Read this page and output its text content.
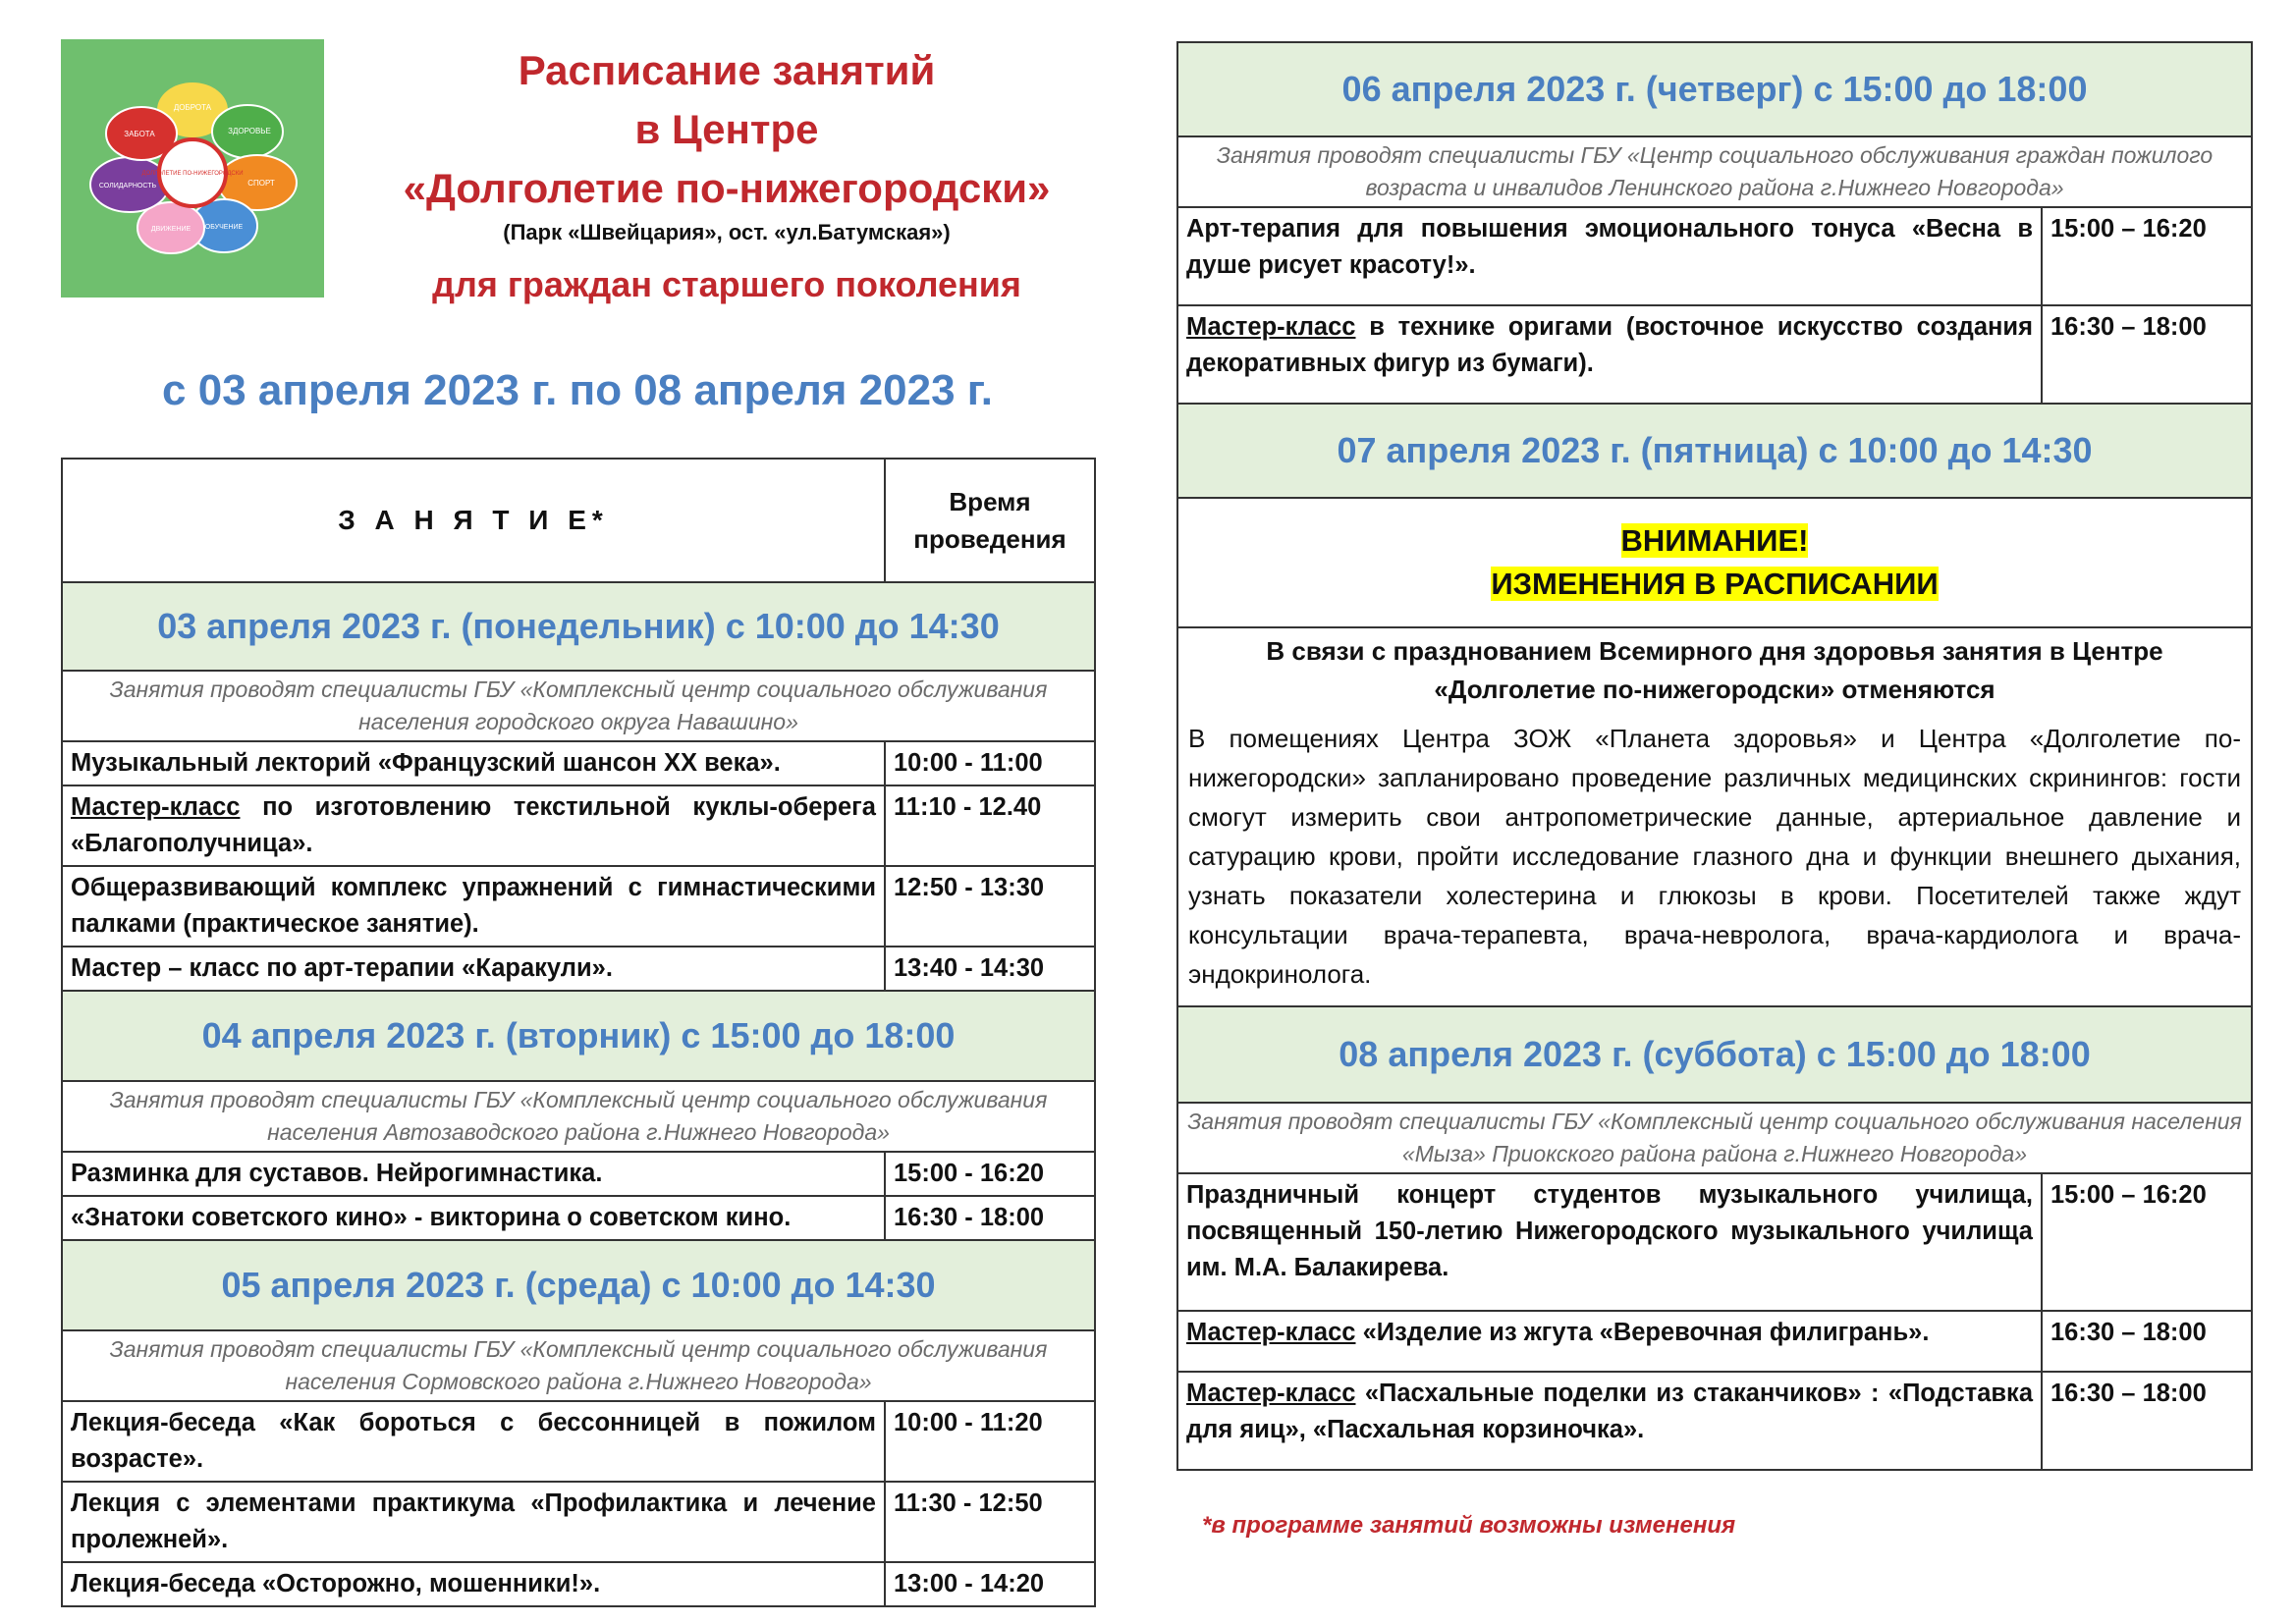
ДОБРОТА
ЗДОРОВЬЕ
СПОРТ
ОБУЧЕНИЕ
ДВИЖЕНИЕ
СОЛИДАРНОСТЬ
ЗАБОТА
ДОЛГОЛЕТИЕ ПО-НИЖЕГОРОДСКИ
Расписание занятий
в Центре
«Долголетие по-нижегородски»
(Парк «Швейцария», ост. «ул.Батумская»)
для граждан старшего поколения
с 03 апреля 2023 г. по 08 апреля 2023 г.
З А Н Я Т И Е*	Время проведения
03 апреля 2023 г. (понедельник) с 10:00 до 14:30	
Занятия проводят специалисты ГБУ «Комплексный центр социального обслуживания населения городского округа Навашино»	
Музыкальный лекторий «Французский шансон XX века».	10:00 - 11:00
Мастер-класс по изготовлению текстильной куклы-оберега «Благополучница».	11:10 - 12.40
Общеразвивающий комплекс упражнений с гимнастическими палками (практическое занятие).	12:50 - 13:30
Мастер – класс по арт-терапии «Каракули».	13:40 - 14:30
04 апреля 2023 г. (вторник) с 15:00 до 18:00	
Занятия проводят специалисты ГБУ «Комплексный центр социального обслуживания населения Автозаводского района г.Нижнего Новгорода»	
Разминка для суставов. Нейрогимнастика.	15:00 - 16:20
«Знатоки советского кино» - викторина о советском кино.	16:30 - 18:00
05 апреля 2023 г. (среда) с 10:00 до 14:30	
Занятия проводят специалисты ГБУ «Комплексный центр социального обслуживания населения Сормовского района г.Нижнего Новгорода»	
Лекция-беседа «Как бороться с бессонницей в пожилом возрасте».	10:00 - 11:20
Лекция с элементами практикума «Профилактика и лечение пролежней».	11:30 - 12:50
Лекция-беседа «Осторожно, мошенники!».	13:00 - 14:20
06 апреля 2023 г. (четверг) с 15:00 до 18:00	
Занятия проводят специалисты ГБУ «Центр социального обслуживания граждан пожилого возраста и инвалидов Ленинского района г.Нижнего Новгорода»	
Арт-терапия для повышения эмоционального тонуса «Весна в душе рисует красоту!».	15:00 – 16:20
Мастер-класс в технике оригами (восточное искусство создания декоративных фигур из бумаги).	16:30 – 18:00
07 апреля 2023 г. (пятница) с 10:00 до 14:30	
ВНИМАНИЕ!
ИЗМЕНЕНИЯ В РАСПИСАНИИ	
В связи с празднованием Всемирного дня здоровья занятия в Центре «Долголетие по-нижегородски» отменяются	
В помещениях Центра ЗОЖ «Планета здоровья» и Центра «Долголетие по-нижегородски» запланировано проведение различных медицинских скринингов: гости смогут измерить свои антропометрические данные, артериальное давление и сатурацию крови, пройти исследование глазного дна и функции внешнего дыхания, узнать показатели холестерина и глюкозы в крови. Посетителей также ждут консультации врача-терапевта, врача-невролога, врача-кардиолога и врача-эндокринолога.	
08 апреля 2023 г. (суббота) с 15:00 до 18:00	
Занятия проводят специалисты ГБУ «Комплексный центр социального обслуживания населения «Мыза» Приокского района района г.Нижнего Новгорода»	
Праздничный концерт студентов музыкального училища, посвященный 150-летию Нижегородского музыкального училища им. М.А. Балакирева.	15:00 – 16:20
Мастер-класс «Изделие из жгута «Веревочная филигрань».	16:30 – 18:00
Мастер-класс «Пасхальные поделки из стаканчиков» : «Подставка для яиц», «Пасхальная корзиночка».	16:30 – 18:00
*в программе занятий возможны изменения
